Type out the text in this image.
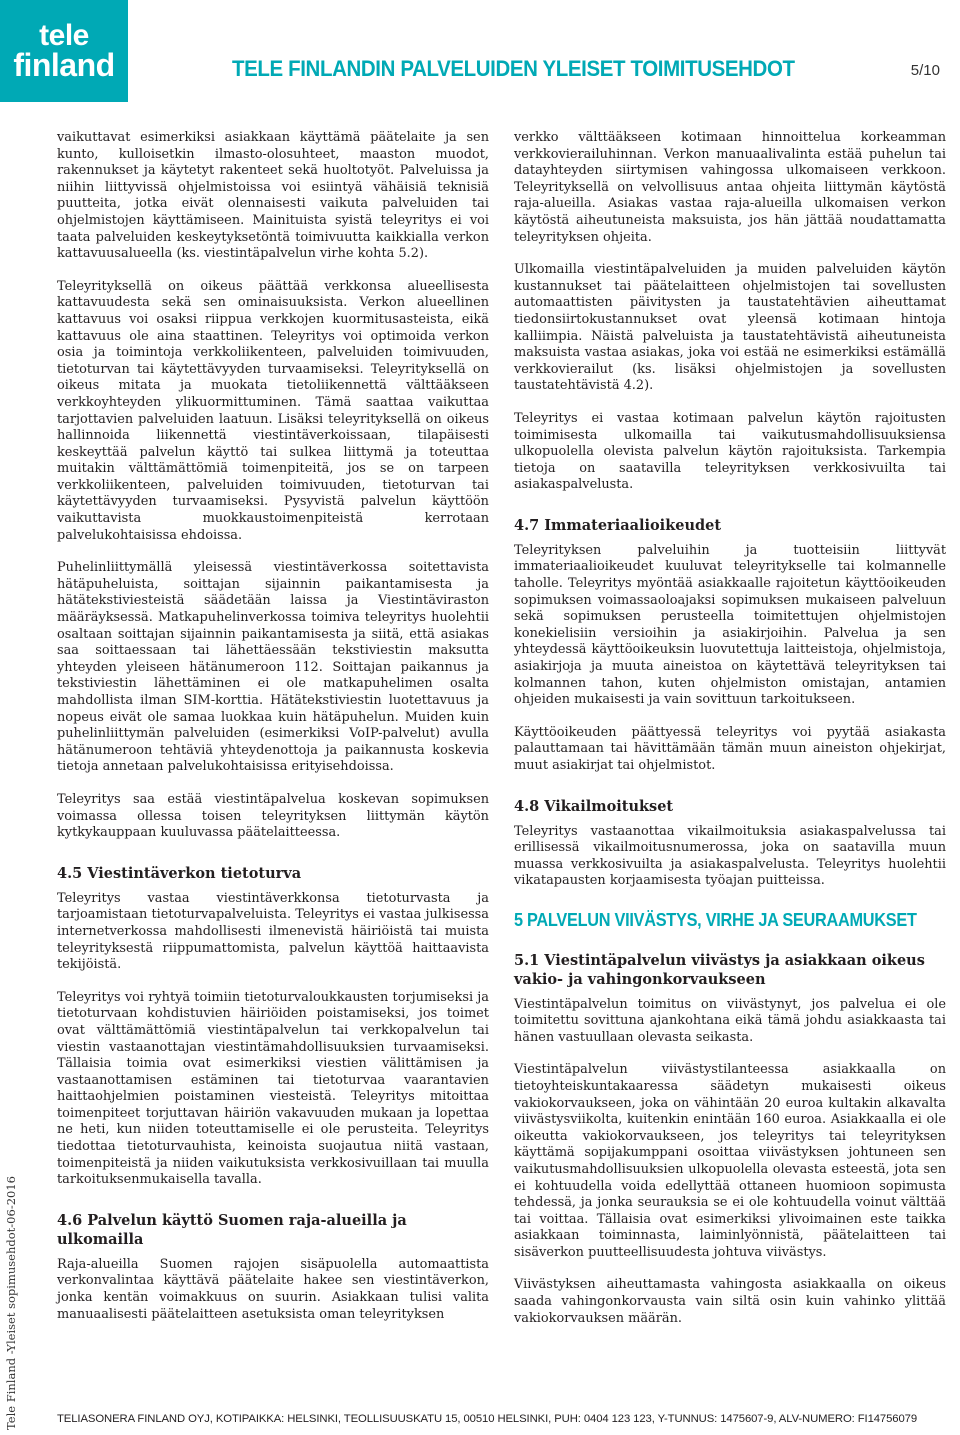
tele
finland	TELE FINLANDIN PALVELUIDEN YLEISET TOIMITUSEHDOT	5/10
Tele Finland -Yleiset sopimusehdot-06-2016

vaikuttavat esimerkiksi asiakkaan käyttämä päätelaite ja sen kunto, kulloisetkin ilmasto-olosuhteet, maaston muodot, rakennukset ja käytetyt rakenteet sekä huoltotyöt. Palveluissa ja niihin liittyvissä ohjelmistoissa voi esiintyä vähäisiä teknisiä puutteita, jotka eivät olennaisesti vaikuta palveluiden tai ohjelmistojen käyttämiseen. Mainituista syistä teleyritys ei voi taata palveluiden keskeytyksetöntä toimivuutta kaikkialla verkon kattavuusalueella (ks. viestintäpalvelun virhe kohta 5.2).

Teleyrityksellä on oikeus päättää verkkonsa alueellisesta kattavuudesta sekä sen ominaisuuksista. Verkon alueellinen kattavuus voi osaksi riippua verkkojen kuormitusasteista, eikä kattavuus ole aina staattinen. Teleyritys voi optimoida verkon osia ja toimintoja verkkoliikenteen, palveluiden toimivuuden, tietoturvan tai käytettävyyden turvaamiseksi. Teleyrityksellä on oikeus mitata ja muokata tietoliikennettä välttääkseen verkkoyhteyden ylikuormittuminen. Tämä saattaa vaikuttaa tarjottavien palveluiden laatuun. Lisäksi teleyrityksellä on oikeus hallinnoida liikennettä viestintäverkoissaan, tilapäisesti keskeyttää palvelun käyttö tai sulkea liittymä ja toteuttaa muitakin välttämättömiä toimenpiteitä, jos se on tarpeen verkkoliikenteen, palveluiden toimivuuden, tietoturvan tai käytettävyyden turvaamiseksi. Pysyvistä palvelun käyttöön vaikuttavista muokkaustoimenpiteistä kerrotaan palvelukohtaisissa ehdoissa.

Puhelinliittymällä yleisessä viestintäverkossa soitettavista hätäpuheluista, soittajan sijainnin paikantamisesta ja hätätekstiviesteistä säädetään laissa ja Viestintäviraston määräyksessä. Matkapuhelinverkossa toimiva teleyritys huolehtii osaltaan soittajan sijainnin paikantamisesta ja siitä, että asiakas saa soittaessaan tai lähettäessään tekstiviestin maksutta yhteyden yleiseen hätänumeroon 112. Soittajan paikannus ja tekstiviestin lähettäminen ei ole matkapuhelimen osalta mahdollista ilman SIM-korttia. Hätätekstiviestin luotettavuus ja nopeus eivät ole samaa luokkaa kuin hätäpuhelun. Muiden kuin puhelinliittymän palveluiden (esimerkiksi VoIP-palvelut) avulla hätänumeroon tehtäviä yhteydenottoja ja paikannusta koskevia tietoja annetaan palvelukohtaisissa erityisehdoissa.

Teleyritys saa estää viestintäpalvelua koskevan sopimuksen voimassa ollessa toisen teleyrityksen liittymän käytön kytkykauppaan kuuluvassa päätelaitteessa.

4.5 Viestintäverkon tietoturva

Teleyritys vastaa viestintäverkkonsa tietoturvasta ja tarjoamistaan tietoturvapalveluista. Teleyritys ei vastaa julkisessa internetverkossa mahdollisesti ilmenevistä häiriöistä tai muista teleyrityksestä riippumattomista, palvelun käyttöä haittaavista tekijöistä.

Teleyritys voi ryhtyä toimiin tietoturvaloukkausten torjumiseksi ja tietoturvaan kohdistuvien häiriöiden poistamiseksi, jos toimet ovat välttämättömiä viestintäpalvelun tai verkkopalvelun tai viestin vastaanottajan viestintämahdollisuuksien turvaamiseksi. Tällaisia toimia ovat esimerkiksi viestien välittämisen ja vastaanottamisen estäminen tai tietoturvaa vaarantavien haittaohjelmien poistaminen viesteistä. Teleyritys mitoittaa toimenpiteet torjuttavan häiriön vakavuuden mukaan ja lopettaa ne heti, kun niiden toteuttamiselle ei ole perusteita. Teleyritys tiedottaa tietoturvauhista, keinoista suojautua niitä vastaan, toimenpiteistä ja niiden vaikutuksista verkkosivuillaan tai muulla tarkoituksenmukaisella tavalla.

4.6 Palvelun käyttö Suomen raja-alueilla ja ulkomailla

Raja-alueilla Suomen rajojen sisäpuolella automaattista verkonvalintaa käyttävä päätelaite hakee sen viestintäverkon, jonka kentän voimakkuus on suurin. Asiakkaan tulisi valita manuaalisesti päätelaitteen asetuksista oman teleyrityksen

verkko välttääkseen kotimaan hinnoittelua korkeamman verkkovierailuhinnan. Verkon manuaalivalinta estää puhelun tai datayhteyden siirtymisen vahingossa ulkomaiseen verkkoon. Teleyrityksellä on velvollisuus antaa ohjeita liittymän käytöstä raja-alueilla. Asiakas vastaa raja-alueilla ulkomaisen verkon käytöstä aiheutuneista maksuista, jos hän jättää noudattamatta teleyrityksen ohjeita.

Ulkomailla viestintäpalveluiden ja muiden palveluiden käytön kustannukset tai päätelaitteen ohjelmistojen tai sovellusten automaattisten päivitysten ja taustatehtävien aiheuttamat tiedonsiirtokustannukset ovat yleensä kotimaan hintoja kalliimpia. Näistä palveluista ja taustatehtävistä aiheutuneista maksuista vastaa asiakas, joka voi estää ne esimerkiksi estämällä verkkovierailut (ks. lisäksi ohjelmistojen ja sovellusten taustatehtävistä 4.2).

Teleyritys ei vastaa kotimaan palvelun käytön rajoitusten toimimisesta ulkomailla tai vaikutusmahdollisuuksiensa ulkopuolella olevista palvelun käytön rajoituksista. Tarkempia tietoja on saatavilla teleyrityksen verkkosivuilta tai asiakaspalvelusta.

4.7 Immateriaalioikeudet

Teleyrityksen palveluihin ja tuotteisiin liittyvät immateriaalioikeudet kuuluvat teleyritykselle tai kolmannelle taholle. Teleyritys myöntää asiakkaalle rajoitetun käyttöoikeuden sopimuksen voimassaoloajaksi sopimuksen mukaiseen palveluun sekä sopimuksen perusteella toimitettujen ohjelmistojen konekielisiin versioihin ja asiakirjoihin. Palvelua ja sen yhteydessä käyttöoikeuksin luovutettuja laitteistoja, ohjelmistoja, asiakirjoja ja muuta aineistoa on käytettävä teleyrityksen tai kolmannen tahon, kuten ohjelmiston omistajan, antamien ohjeiden mukaisesti ja vain sovittuun tarkoitukseen.

Käyttöoikeuden päättyessä teleyritys voi pyytää asiakasta palauttamaan tai hävittämään tämän muun aineiston ohjekirjat, muut asiakirjat tai ohjelmistot.

4.8 Vikailmoitukset

Teleyritys vastaanottaa vikailmoituksia asiakaspalvelussa tai erillisessä vikailmoitusnumerossa, joka on saatavilla muun muassa verkkosivuilta ja asiakaspalvelusta. Teleyritys huolehtii vikatapausten korjaamisesta työajan puitteissa.

5 PALVELUN VIIVÄSTYS, VIRHE JA SEURAAMUKSET
5.1 Viestintäpalvelun viivästys ja asiakkaan oikeus vakio- ja vahingonkorvaukseen

Viestintäpalvelun toimitus on viivästynyt, jos palvelua ei ole toimitettu sovittuna ajankohtana eikä tämä johdu asiakkaasta tai hänen vastuullaan olevasta seikasta.

Viestintäpalvelun viivästystilanteessa asiakkaalla on tietoyhteiskuntakaaressa säädetyn mukaisesti oikeus vakiokorvaukseen, joka on vähintään 20 euroa kultakin alkavalta viivästysviikolta, kuitenkin enintään 160 euroa. Asiakkaalla ei ole oikeutta vakiokorvaukseen, jos teleyritys tai teleyrityksen käyttämä sopijakumppani osoittaa viivästyksen johtuneen sen vaikutusmahdollisuuksien ulkopuolella olevasta esteestä, jota sen ei kohtuudella voida edellyttää ottaneen huomioon sopimusta tehdessä, ja jonka seurauksia se ei ole kohtuudella voinut välttää tai voittaa. Tällaisia ovat esimerkiksi ylivoimainen este taikka asiakkaan toiminnasta, laiminlyönnistä, päätelaitteen tai sisäverkon puutteellisuudesta johtuva viivästys.

Viivästyksen aiheuttamasta vahingosta asiakkaalla on oikeus saada vahingonkorvausta vain siltä osin kuin vahinko ylittää vakiokorvauksen määrän.

TELIASONERA FINLAND OYJ, KOTIPAIKKA: HELSINKI, TEOLLISUUSKATU 15, 00510 HELSINKI, PUH: 0404 123 123, Y-TUNNUS: 1475607-9, ALV-NUMERO: FI14756079
